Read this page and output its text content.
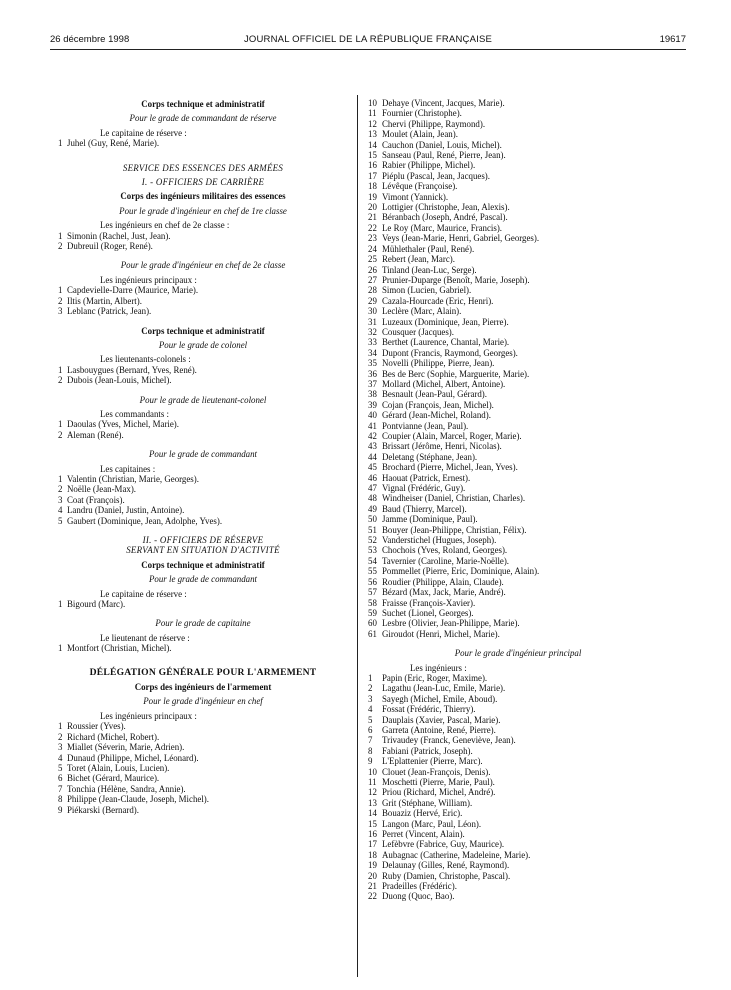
26 décembre 1998	JOURNAL OFFICIEL DE LA RÉPUBLIQUE FRANÇAISE	19617
Corps technique et administratif
Pour le grade de commandant de réserve
Le capitaine de réserve :
1 Juhel (Guy, René, Marie).
SERVICE DES ESSENCES DES ARMÉES
I. - OFFICIERS DE CARRIÈRE
Corps des ingénieurs militaires des essences
Pour le grade d'ingénieur en chef de 1re classe
Les ingénieurs en chef de 2e classe :
1 Simonin (Rachel, Just, Jean).
2 Dubreuil (Roger, René).
Pour le grade d'ingénieur en chef de 2e classe
Les ingénieurs principaux :
1 Capdevielle-Darre (Maurice, Marie).
2 Iltis (Martin, Albert).
3 Leblanc (Patrick, Jean).
Corps technique et administratif
Pour le grade de colonel
Les lieutenants-colonels :
1 Lasbouygues (Bernard, Yves, René).
2 Dubois (Jean-Louis, Michel).
Pour le grade de lieutenant-colonel
Les commandants :
1 Daoulas (Yves, Michel, Marie).
2 Aleman (René).
Pour le grade de commandant
Les capitaines :
1 Valentin (Christian, Marie, Georges).
2 Noëlle (Jean-Max).
3 Coat (François).
4 Landru (Daniel, Justin, Antoine).
5 Gaubert (Dominique, Jean, Adolphe, Yves).
II. - OFFICIERS DE RÉSERVE
SERVANT EN SITUATION D'ACTIVITÉ
Corps technique et administratif
Pour le grade de commandant
Le capitaine de réserve :
1 Bigourd (Marc).
Pour le grade de capitaine
Le lieutenant de réserve :
1 Montfort (Christian, Michel).
DÉLÉGATION GÉNÉRALE POUR L'ARMEMENT
Corps des ingénieurs de l'armement
Pour le grade d'ingénieur en chef
Les ingénieurs principaux :
1 Roussier (Yves).
2 Richard (Michel, Robert).
3 Miallet (Séverin, Marie, Adrien).
4 Dunaud (Philippe, Michel, Léonard).
5 Toret (Alain, Louis, Lucien).
6 Bichet (Gérard, Maurice).
7 Tonchia (Hélène, Sandra, Annie).
8 Philippe (Jean-Claude, Joseph, Michel).
9 Piékarski (Bernard).
10 Dehaye (Vincent, Jacques, Marie).
11 Fournier (Christophe).
12 Chervi (Philippe, Raymond).
13 Moulet (Alain, Jean).
14 Cauchon (Daniel, Louis, Michel).
15 Sanseau (Paul, René, Pierre, Jean).
16 Rabier (Philippe, Michel).
17 Piéplu (Pascal, Jean, Jacques).
18 Lévêque (Françoise).
19 Vimont (Yannick).
20 Lottigier (Christophe, Jean, Alexis).
21 Béranbach (Joseph, André, Pascal).
22 Le Roy (Marc, Maurice, Francis).
23 Veys (Jean-Marie, Henri, Gabriel, Georges).
24 Mühlethaler (Paul, René).
25 Rebert (Jean, Marc).
26 Tinland (Jean-Luc, Serge).
27 Prunier-Duparge (Benoît, Marie, Joseph).
28 Simon (Lucien, Gabriel).
29 Cazala-Hourcade (Eric, Henri).
30 Leclère (Marc, Alain).
31 Luzeaux (Dominique, Jean, Pierre).
32 Cousquer (Jacques).
33 Berthet (Laurence, Chantal, Marie).
34 Dupont (Francis, Raymond, Georges).
35 Novelli (Philippe, Pierre, Jean).
36 Bes de Berc (Sophie, Marguerite, Marie).
37 Mollard (Michel, Albert, Antoine).
38 Besnault (Jean-Paul, Gérard).
39 Cojan (François, Jean, Michel).
40 Gérard (Jean-Michel, Roland).
41 Pontvianne (Jean, Paul).
42 Coupier (Alain, Marcel, Roger, Marie).
43 Brissart (Jérôme, Henri, Nicolas).
44 Deletang (Stéphane, Jean).
45 Brochard (Pierre, Michel, Jean, Yves).
46 Haouat (Patrick, Ernest).
47 Vignal (Frédéric, Guy).
48 Windheiser (Daniel, Christian, Charles).
49 Baud (Thierry, Marcel).
50 Jamme (Dominique, Paul).
51 Bouyer (Jean-Philippe, Christian, Félix).
52 Vanderstichel (Hugues, Joseph).
53 Chochois (Yves, Roland, Georges).
54 Tavernier (Caroline, Marie-Noëlle).
55 Pommellet (Pierre, Eric, Dominique, Alain).
56 Roudier (Philippe, Alain, Claude).
57 Bézard (Max, Jack, Marie, André).
58 Fraisse (François-Xavier).
59 Suchet (Lionel, Georges).
60 Lesbre (Olivier, Jean-Philippe, Marie).
61 Giroudot (Henri, Michel, Marie).
Pour le grade d'ingénieur principal
Les ingénieurs :
1	Papin (Eric, Roger, Maxime).
2	Lagathu (Jean-Luc, Emile, Marie).
3	Sayegh (Michel, Emile, Aboud).
4	Fossat (Frédéric, Thierry).
5	Dauplais (Xavier, Pascal, Marie).
6	Garreta (Antoine, René, Pierre).
7	Trivaudey (Franck, Geneviève, Jean).
8	Fabiani (Patrick, Joseph).
9	L'Eplattenier (Pierre, Marc).
10 Clouet (Jean-François, Denis).
11 Moschetti (Pierre, Marie, Paul).
12 Priou (Richard, Michel, André).
13 Grit (Stéphane, William).
14 Bouaziz (Hervé, Eric).
15 Langon (Marc, Paul, Léon).
16 Perret (Vincent, Alain).
17 Lefèbvre (Fabrice, Guy, Maurice).
18 Aubagnac (Catherine, Madeleine, Marie).
19 Delaunay (Gilles, René, Raymond).
20 Ruby (Damien, Christophe, Pascal).
21 Pradeilles (Frédéric).
22 Duong (Quoc, Bao).
